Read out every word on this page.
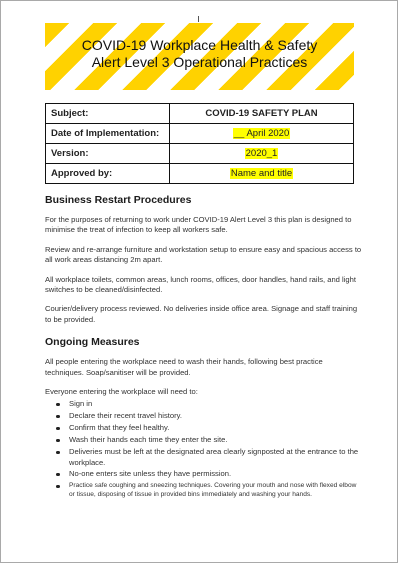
COVID-19 Workplace Health & Safety
Alert Level 3 Operational Practices
Subject:	COVID-19 SAFETY PLAN
Date of Implementation:	__ April 2020
Version:	2020_1
Approved by:	Name and title
Business Restart Procedures
For the purposes of returning to work under COVID-19 Alert Level 3 this plan is designed to minimise the treat of infection to keep all workers safe.
Review and re-arrange furniture and workstation setup to ensure easy and spacious access to all work areas distancing 2m apart.
All workplace toilets, common areas, lunch rooms, offices, door handles, hand rails, and light switches to be cleaned/disinfected.
Courier/delivery process reviewed. No deliveries inside office area. Signage and staff training to be provided.
Ongoing Measures
All people entering the workplace need to wash their hands, following best practice techniques. Soap/sanitiser will be provided.
Everyone entering the workplace will need to:
Sign in
Declare their recent travel history.
Confirm that they feel healthy.
Wash their hands each time they enter the site.
Deliveries must be left at the designated area clearly signposted at the entrance to the workplace.
No-one enters site unless they have permission.
Practice safe coughing and sneezing techniques. Covering your mouth and nose with flexed elbow or tissue, disposing of tissue in provided bins immediately and washing your hands.
